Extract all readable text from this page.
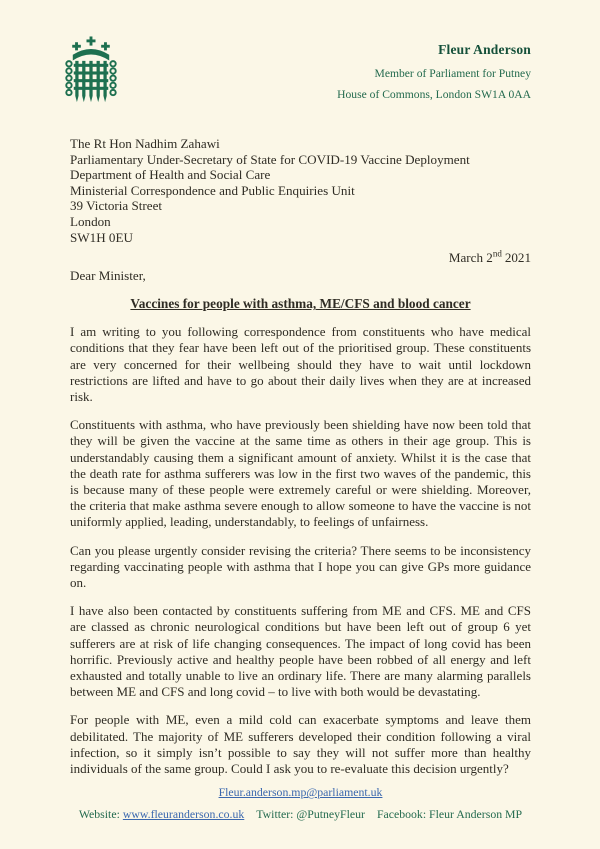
Fleur Anderson
Member of Parliament for Putney
House of Commons, London SW1A 0AA
The Rt Hon Nadhim Zahawi
Parliamentary Under-Secretary of State for COVID-19 Vaccine Deployment
Department of Health and Social Care
Ministerial Correspondence and Public Enquiries Unit
39 Victoria Street
London
SW1H 0EU
March 2nd 2021
Dear Minister,
Vaccines for people with asthma, ME/CFS and blood cancer

I am writing to you following correspondence from constituents who have medical conditions that they fear have been left out of the prioritised group. These constituents are very concerned for their wellbeing should they have to wait until lockdown restrictions are lifted and have to go about their daily lives when they are at increased risk.

Constituents with asthma, who have previously been shielding have now been told that they will be given the vaccine at the same time as others in their age group. This is understandably causing them a significant amount of anxiety. Whilst it is the case that the death rate for asthma sufferers was low in the first two waves of the pandemic, this is because many of these people were extremely careful or were shielding. Moreover, the criteria that make asthma severe enough to allow someone to have the vaccine is not uniformly applied, leading, understandably, to feelings of unfairness.

Can you please urgently consider revising the criteria? There seems to be inconsistency regarding vaccinating people with asthma that I hope you can give GPs more guidance on.

I have also been contacted by constituents suffering from ME and CFS. ME and CFS are classed as chronic neurological conditions but have been left out of group 6 yet sufferers are at risk of life changing consequences. The impact of long covid has been horrific. Previously active and healthy people have been robbed of all energy and left exhausted and totally unable to live an ordinary life. There are many alarming parallels between ME and CFS and long covid – to live with both would be devastating.

For people with ME, even a mild cold can exacerbate symptoms and leave them debilitated. The majority of ME sufferers developed their condition following a viral infection, so it simply isn’t possible to say they will not suffer more than healthy individuals of the same group. Could I ask you to re-evaluate this decision urgently?

Fleur.anderson.mp@parliament.uk
Website: www.fleuranderson.co.uk Twitter: @PutneyFleur Facebook: Fleur Anderson MP
